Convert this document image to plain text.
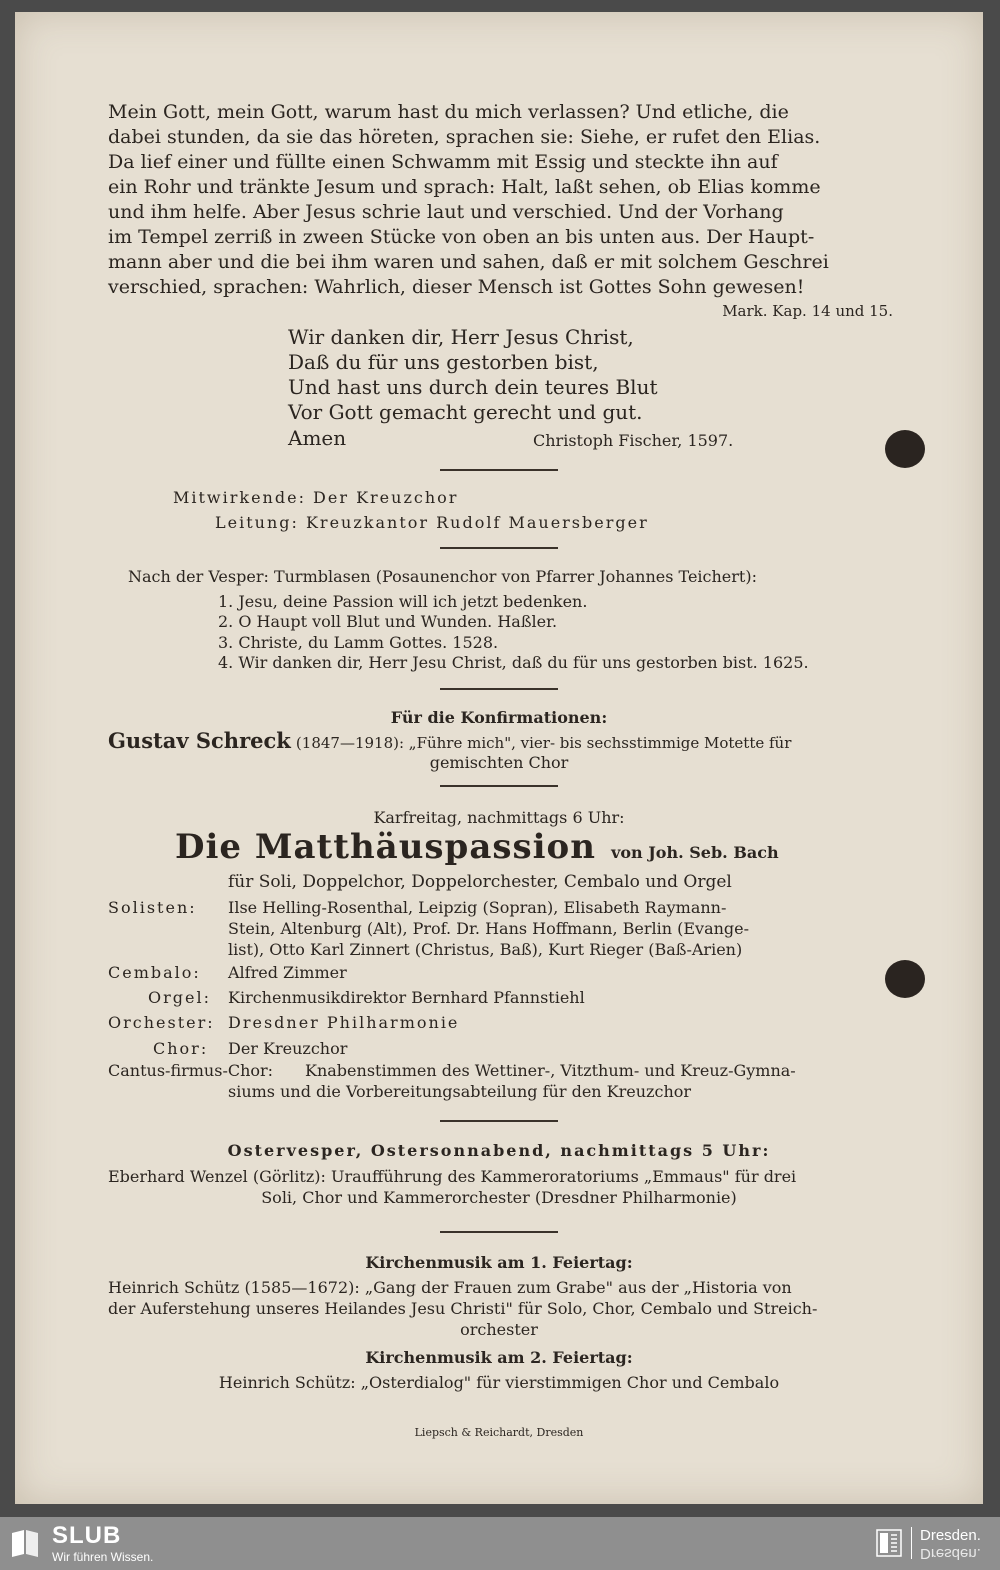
Mein Gott, mein Gott, warum hast du mich verlassen? Und etliche, die
dabei stunden, da sie das höreten, sprachen sie: Siehe, er rufet den Elias.
Da lief einer und füllte einen Schwamm mit Essig und steckte ihn auf
ein Rohr und tränkte Jesum und sprach: Halt, laßt sehen, ob Elias komme
und ihm helfe. Aber Jesus schrie laut und verschied. Und der Vorhang
im Tempel zerriß in zween Stücke von oben an bis unten aus. Der Haupt-
mann aber und die bei ihm waren und sahen, daß er mit solchem Geschrei
verschied, sprachen: Wahrlich, dieser Mensch ist Gottes Sohn gewesen!
Mark. Kap. 14 und 15.
Wir danken dir, Herr Jesus Christ,
Daß du für uns gestorben bist,
Und hast uns durch dein teures Blut
Vor Gott gemacht gerecht und gut.
Amen	Christoph Fischer, 1597.
Mitwirkende: Der Kreuzchor
Leitung: Kreuzkantor Rudolf Mauersberger
Nach der Vesper: Turmblasen (Posaunenchor von Pfarrer Johannes Teichert):
1. Jesu, deine Passion will ich jetzt bedenken.
2. O Haupt voll Blut und Wunden. Haßler.
3. Christe, du Lamm Gottes. 1528.
4. Wir danken dir, Herr Jesu Christ, daß du für uns gestorben bist. 1625.
Für die Konfirmationen:
Gustav Schreck (1847—1918): „Führe mich", vier- bis sechsstimmige Motette für
gemischten Chor
Karfreitag, nachmittags 6 Uhr:
Die Matthäuspassion von Joh. Seb. Bach
für Soli, Doppelchor, Doppelorchester, Cembalo und Orgel
Solisten: Ilse Helling-Rosenthal, Leipzig (Sopran), Elisabeth Raymann-
Stein, Altenburg (Alt), Prof. Dr. Hans Hoffmann, Berlin (Evange-
list), Otto Karl Zinnert (Christus, Baß), Kurt Rieger (Baß-Arien)
Cembalo: Alfred Zimmer
Orgel: Kirchenmusikdirektor Bernhard Pfannstiehl
Orchester: Dresdner Philharmonie
Chor: Der Kreuzchor
Cantus-firmus-Chor: Knabenstimmen des Wettiner-, Vitzthum- und Kreuz-Gymna-
siums und die Vorbereitungsabteilung für den Kreuzchor
Ostervesper, Ostersonnabend, nachmittags 5 Uhr:
Eberhard Wenzel (Görlitz): Uraufführung des Kammeroratoriums „Emmaus" für drei
Soli, Chor und Kammerorchester (Dresdner Philharmonie)
Kirchenmusik am 1. Feiertag:
Heinrich Schütz (1585—1672): „Gang der Frauen zum Grabe" aus der „Historia von
der Auferstehung unseres Heilandes Jesu Christi" für Solo, Chor, Cembalo und Streich-
orchester
Kirchenmusik am 2. Feiertag:
Heinrich Schütz: „Osterdialog" für vierstimmigen Chor und Cembalo
Liepsch & Reichardt, Dresden
SLUB
Wir führen Wissen.
Dresden.
Dresden.
